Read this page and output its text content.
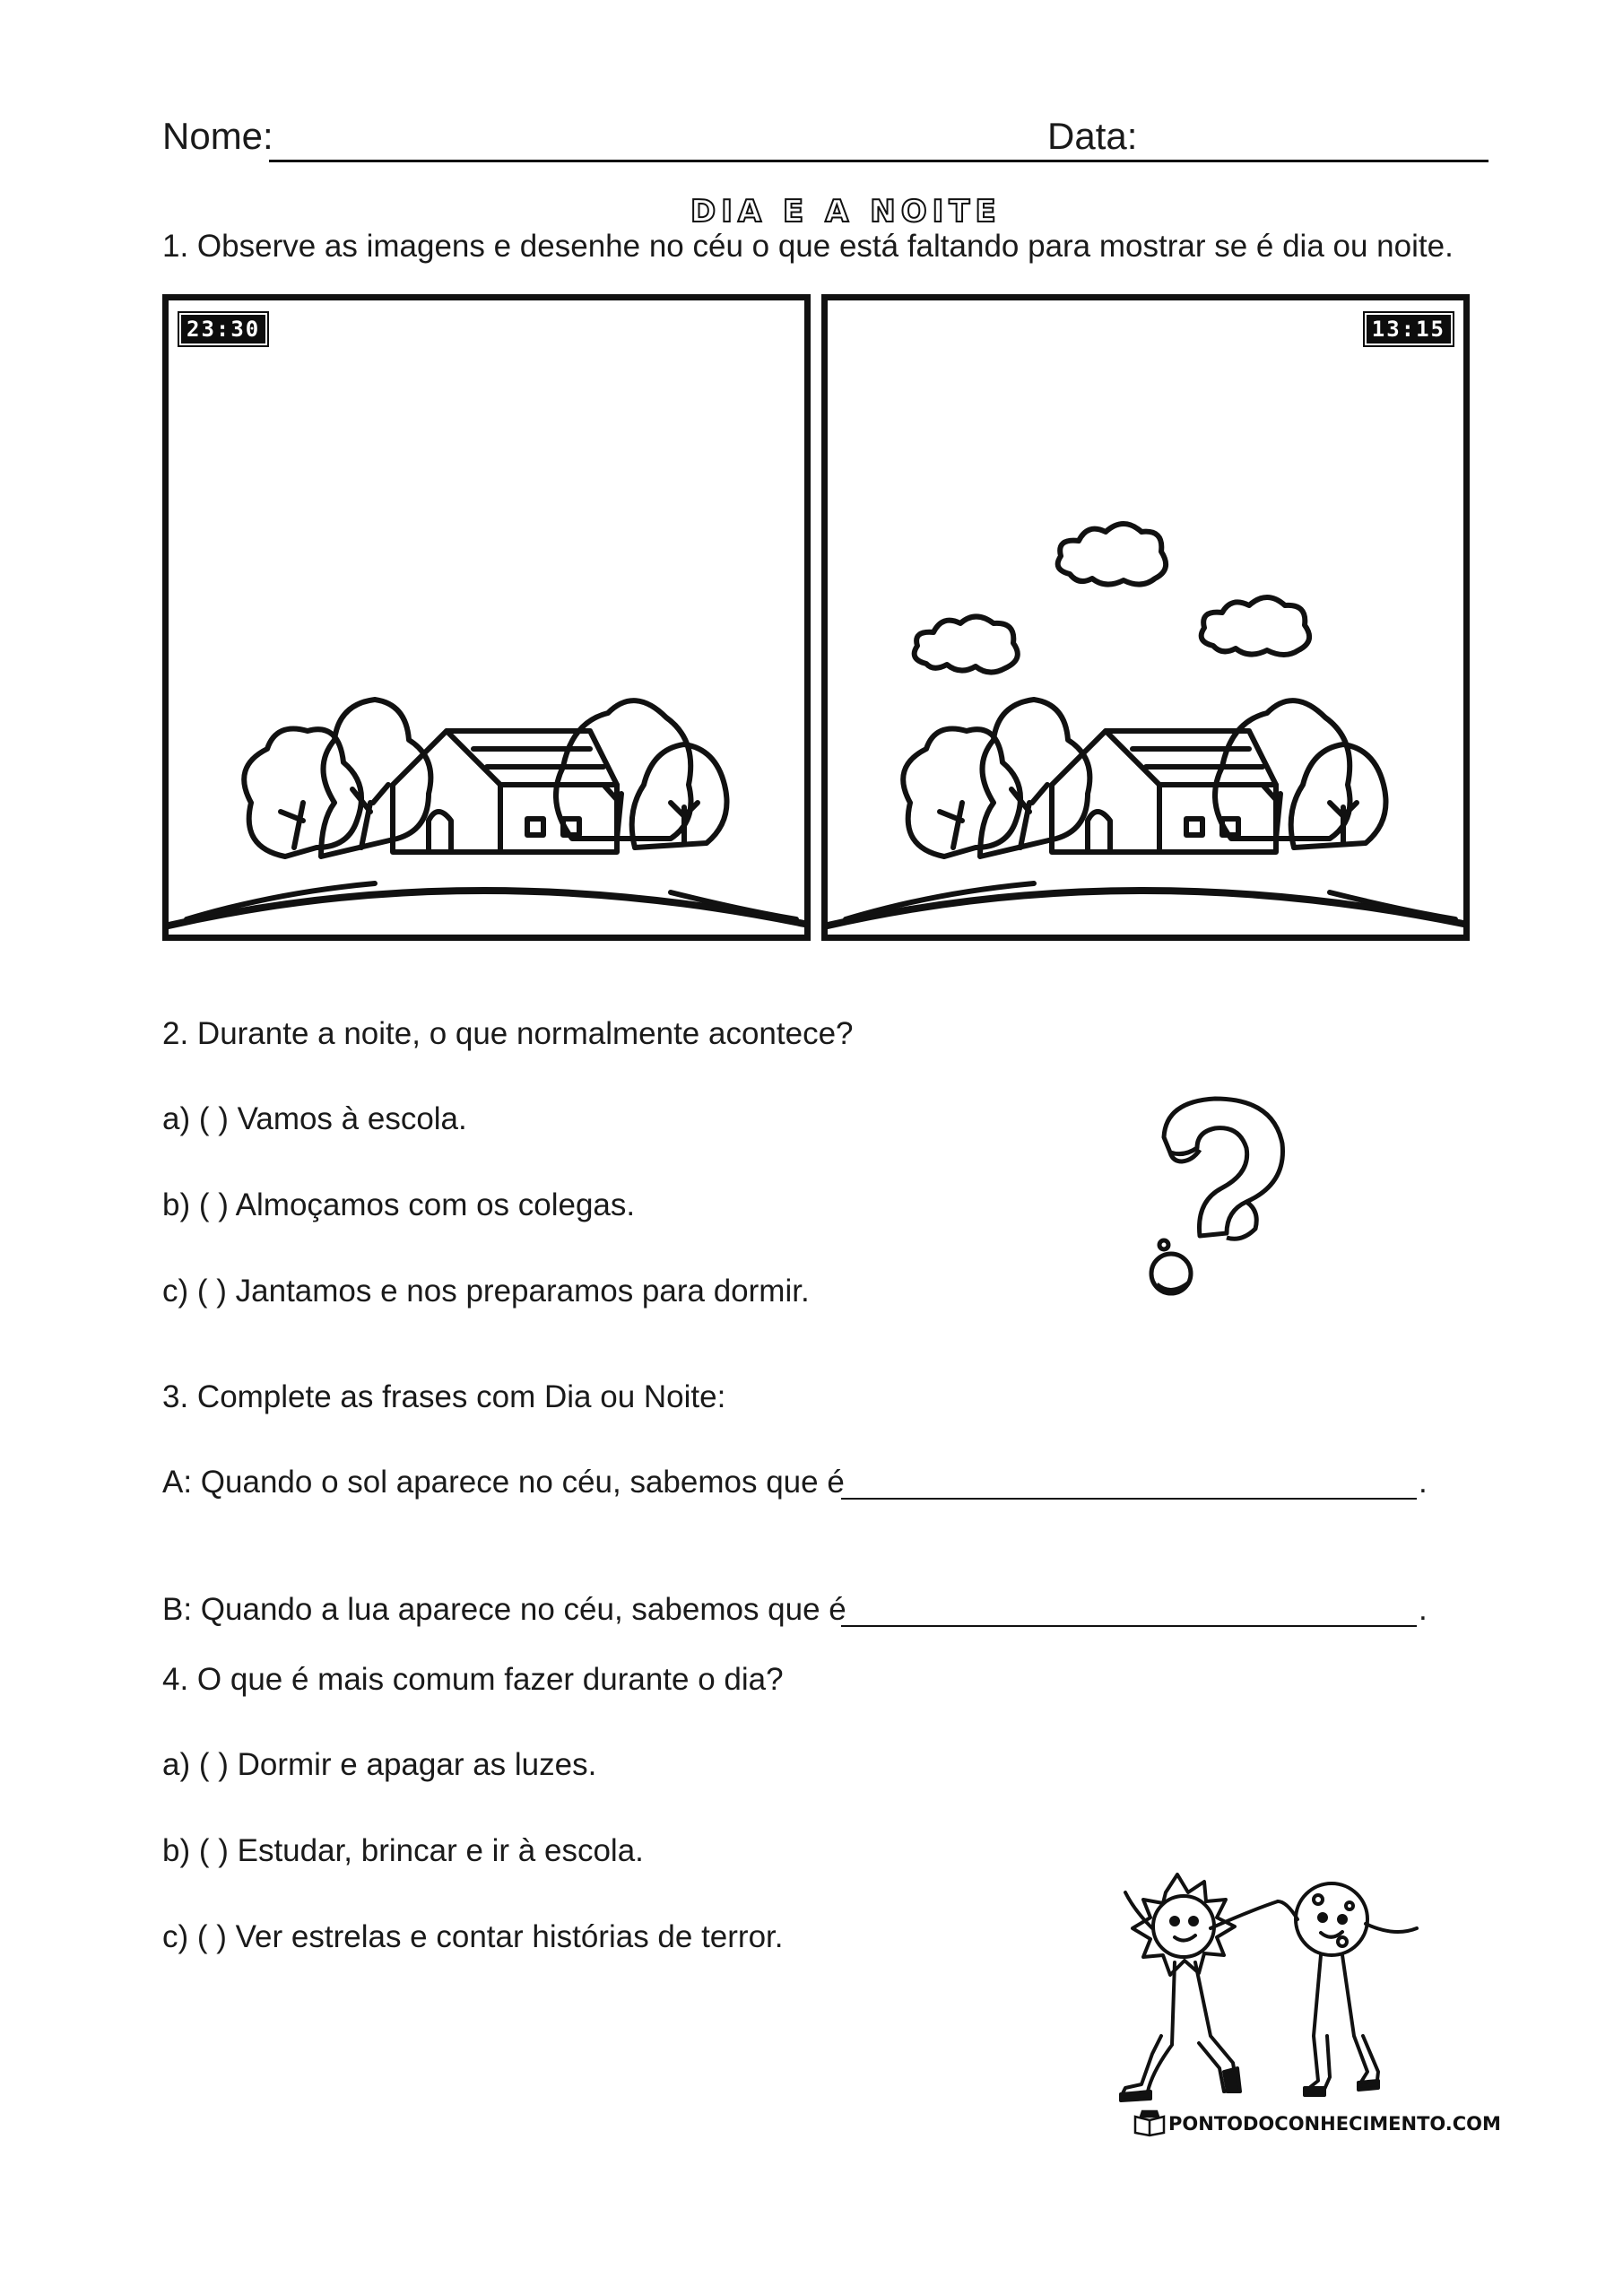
Nome:	Data:
DIA E A NOITE
1. Observe as imagens e desenhe no céu o que está faltando para mostrar se é dia ou noite.
23:30	13:15
2. Durante a noite, o que normalmente acontece?
a) ( ) Vamos à escola.
b) ( ) Almoçamos com os colegas.
c) ( ) Jantamos e nos preparamos para dormir.
3. Complete as frases com Dia ou Noite:
A: Quando o sol aparece no céu, sabemos que é	.
B: Quando a lua aparece no céu, sabemos que é	.
4. O que é mais comum fazer durante o dia?
a) ( ) Dormir e apagar as luzes.
b) ( ) Estudar, brincar e ir à escola.
c) ( ) Ver estrelas e contar histórias de terror.
PONTODOCONHECIMENTO.COM
